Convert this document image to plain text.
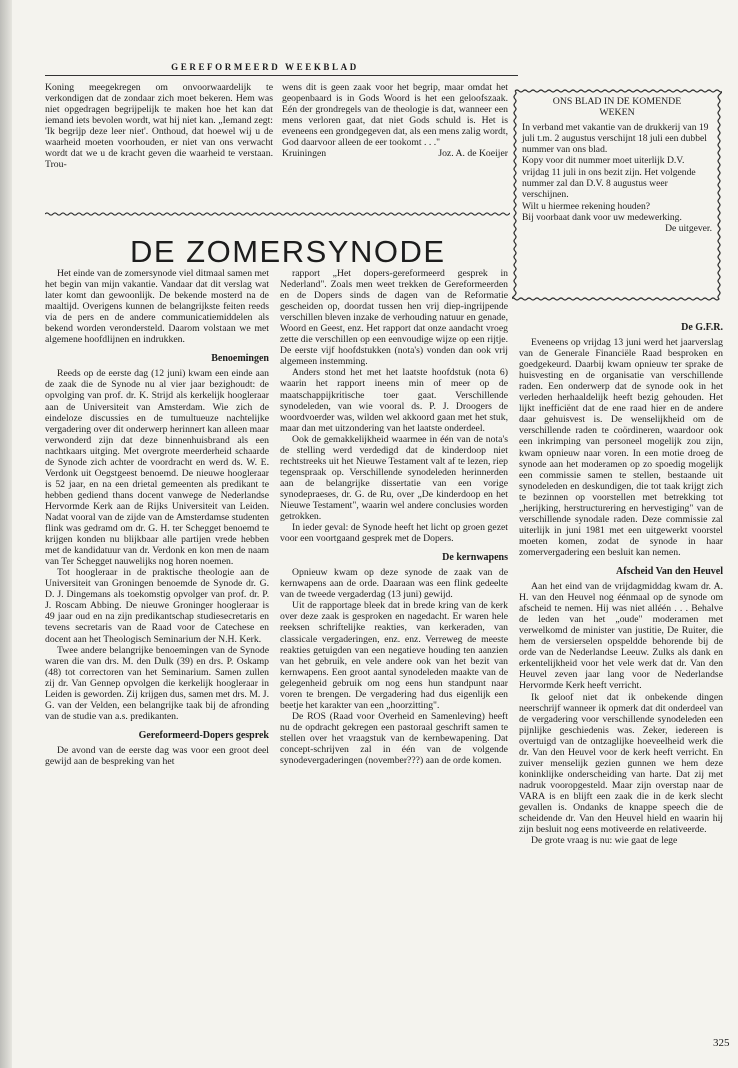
GEREFORMEERD WEEKBLAD

Koning meegekregen om onvoorwaardelijk te verkondigen dat de zondaar zich moet bekeren. Hem was niet opgedragen begrijpelijk te maken hoe het kan dat iemand iets bevolen wordt, wat hij niet kan. „Iemand zegt: 'Ik begrijp deze leer niet'. Onthoud, dat hoewel wij u de waarheid moeten voorhouden, er niet van ons verwacht wordt dat we u de kracht geven die waarheid te verstaan. Trou-

wens dit is geen zaak voor het begrip, maar omdat het geopenbaard is in Gods Woord is het een geloofszaak. Eén der grondregels van de theologie is dat, wanneer een mens verloren gaat, dat niet Gods schuld is. Het is eveneens een grondgegeven dat, als een mens zalig wordt, God daarvoor alleen de eer tookomt . . ."

Kruiningen	Joz. A. de Koeijer

ONS BLAD IN DE KOMENDE
WEKEN

In verband met vakantie van de drukkerij van 19 juli t.m. 2 augustus verschijnt 18 juli een dubbel nummer van ons blad.

Kopy voor dit nummer moet uiterlijk D.V. vrijdag 11 juli in ons bezit zijn. Het volgende nummer zal dan D.V. 8 augustus weer verschijnen.

Wilt u hiermee rekening houden?

Bij voorbaat dank voor uw medewerking.

De uitgever.

DE ZOMERSYNODE

Het einde van de zomersynode viel ditmaal samen met het begin van mijn vakantie. Vandaar dat dit verslag wat later komt dan gewoonlijk. De bekende mosterd na de maaltijd. Overigens kunnen de belangrijkste feiten reeds via de pers en de andere communicatiemiddelen als bekend worden verondersteld. Daarom volstaan we met algemene hoofdlijnen en indrukken.

Benoemingen

Reeds op de eerste dag (12 juni) kwam een einde aan de zaak die de Synode nu al vier jaar bezighoudt: de opvolging van prof. dr. K. Strijd als kerkelijk hoogleraar aan de Universiteit van Amsterdam. Wie zich de eindeloze discussies en de tumultueuze nachtelijke vergadering over dit onderwerp herinnert kan alleen maar verwonderd zijn dat deze binnenhuisbrand als een nachtkaars uitging. Met overgrote meerderheid schaarde de Synode zich achter de voordracht en werd ds. W. E. Verdonk uit Oegstgeest benoemd. De nieuwe hoogleraar is 52 jaar, en na een drietal gemeenten als predikant te hebben gediend thans docent vanwege de Nederlandse Hervormde Kerk aan de Rijks Universiteit van Leiden. Nadat vooral van de zijde van de Amsterdamse studenten flink was gedramd om dr. G. H. ter Schegget benoemd te krijgen konden nu blijkbaar alle partijen vrede hebben met de kandidatuur van dr. Verdonk en kon men de naam van Ter Schegget nauwelijks nog horen noemen.

Tot hoogleraar in de praktische theologie aan de Universiteit van Groningen benoemde de Synode dr. G. D. J. Dingemans als toekomstig opvolger van prof. dr. P. J. Roscam Abbing. De nieuwe Groninger hoogleraar is 49 jaar oud en na zijn predikantschap studiesecretaris en tevens secretaris van de Raad voor de Catechese en docent aan het Theologisch Seminarium der N.H. Kerk.

Twee andere belangrijke benoemingen van de Synode waren die van drs. M. den Dulk (39) en drs. P. Oskamp (48) tot correctoren van het Seminarium. Samen zullen zij dr. Van Gennep opvolgen die kerkelijk hoogleraar in Leiden is geworden. Zij krijgen dus, samen met drs. M. J. G. van der Velden, een belangrijke taak bij de afronding van de studie van a.s. predikanten.

Gereformeerd-Dopers gesprek

De avond van de eerste dag was voor een groot deel gewijd aan de bespreking van het

rapport „Het dopers-gereformeerd gesprek in Nederland". Zoals men weet trekken de Gereformeerden en de Dopers sinds de dagen van de Reformatie gescheiden op, doordat tussen hen vrij diep-ingrijpende verschillen bleven inzake de verhouding natuur en genade, Woord en Geest, enz. Het rapport dat onze aandacht vroeg zette die verschillen op een eenvoudige wijze op een rijtje. De eerste vijf hoofdstukken (nota's) vonden dan ook vrij algemeen instemming.

Anders stond het met het laatste hoofdstuk (nota 6) waarin het rapport ineens min of meer op de maatschappijkritische toer gaat. Verschillende synodeleden, van wie vooral ds. P. J. Droogers de woordvoerder was, wilden wel akkoord gaan met het stuk, maar dan met uitzondering van het laatste onderdeel.

Ook de gemakkelijkheid waarmee in één van de nota's de stelling werd verdedigd dat de kinderdoop niet rechtstreeks uit het Nieuwe Testament valt af te lezen, riep tegenspraak op. Verschillende synodeleden herinnerden aan de belangrijke dissertatie van een vorige synodepraeses, dr. G. de Ru, over „De kinderdoop en het Nieuwe Testament", waarin wel andere conclusies worden getrokken.

In ieder geval: de Synode heeft het licht op groen gezet voor een voortgaand gesprek met de Dopers.

De kernwapens

Opnieuw kwam op deze synode de zaak van de kernwapens aan de orde. Daaraan was een flink gedeelte van de tweede vergaderdag (13 juni) gewijd.

Uit de rapportage bleek dat in brede kring van de kerk over deze zaak is gesproken en nagedacht. Er waren hele reeksen schriftelijke reakties, van kerkeraden, van classicale vergaderingen, enz. enz. Verreweg de meeste reakties getuigden van een negatieve houding ten aanzien van het gebruik, en vele andere ook van het bezit van kernwapens. Een groot aantal synodeleden maakte van de gelegenheid gebruik om nog eens hun standpunt naar voren te brengen. De vergadering had dus eigenlijk een beetje het karakter van een „hoorzitting".

De ROS (Raad voor Overheid en Samenleving) heeft nu de opdracht gekregen een pastoraal geschrift samen te stellen over het vraagstuk van de kernbewapening. Dat concept-schrijven zal in één van de volgende synodevergaderingen (november???) aan de orde komen.

De G.F.R.

Eveneens op vrijdag 13 juni werd het jaarverslag van de Generale Financiële Raad besproken en goedgekeurd. Daarbij kwam opnieuw ter sprake de huisvesting en de organisatie van verschillende raden. Een onderwerp dat de synode ook in het verleden herhaaldelijk heeft bezig gehouden. Het lijkt inefficiënt dat de ene raad hier en de andere daar gehuisvest is. De wenselijkheid om de verschillende raden te coördineren, waardoor ook een inkrimping van personeel mogelijk zou zijn, kwam opnieuw naar voren. In een motie droeg de synode aan het moderamen op zo spoedig mogelijk een commissie samen te stellen, bestaande uit synodeleden en deskundigen, die tot taak krijgt zich te bezinnen op voorstellen met betrekking tot „herijking, herstructurering en hervestiging" van de verschillende synodale raden. Deze commissie zal uiterlijk in juni 1981 met een uitgewerkt voorstel moeten komen, zodat de synode in haar zomervergadering een besluit kan nemen.

Afscheid Van den Heuvel

Aan het eind van de vrijdagmiddag kwam dr. A. H. van den Heuvel nog éénmaal op de synode om afscheid te nemen. Hij was niet alléén . . . Behalve de leden van het „oude" moderamen met verwelkomd de minister van justitie, De Ruiter, die hem de versierselen opspeldde behorende bij de orde van de Nederlandse Leeuw. Zulks als dank en erkentelijkheid voor het vele werk dat dr. Van den Heuvel zeven jaar lang voor de Nederlandse Hervormde Kerk heeft verricht.

Ik geloof niet dat ik onbekende dingen neerschrijf wanneer ik opmerk dat dit onderdeel van de vergadering voor verschillende synodeleden een pijnlijke geschiedenis was. Zeker, iedereen is overtuigd van de ontzaglijke hoeveelheid werk die dr. Van den Heuvel voor de kerk heeft verricht. En zuiver menselijk gezien gunnen we hem deze koninklijke onderscheiding van harte. Dat zij met nadruk vooropgesteld. Maar zijn overstap naar de VARA is en blijft een zaak die in de kerk slecht gevallen is. Ondanks de knappe speech die de scheidende dr. Van den Heuvel hield en waarin hij zijn besluit nog eens motiveerde en relativeerde.

De grote vraag is nu: wie gaat de lege

325
